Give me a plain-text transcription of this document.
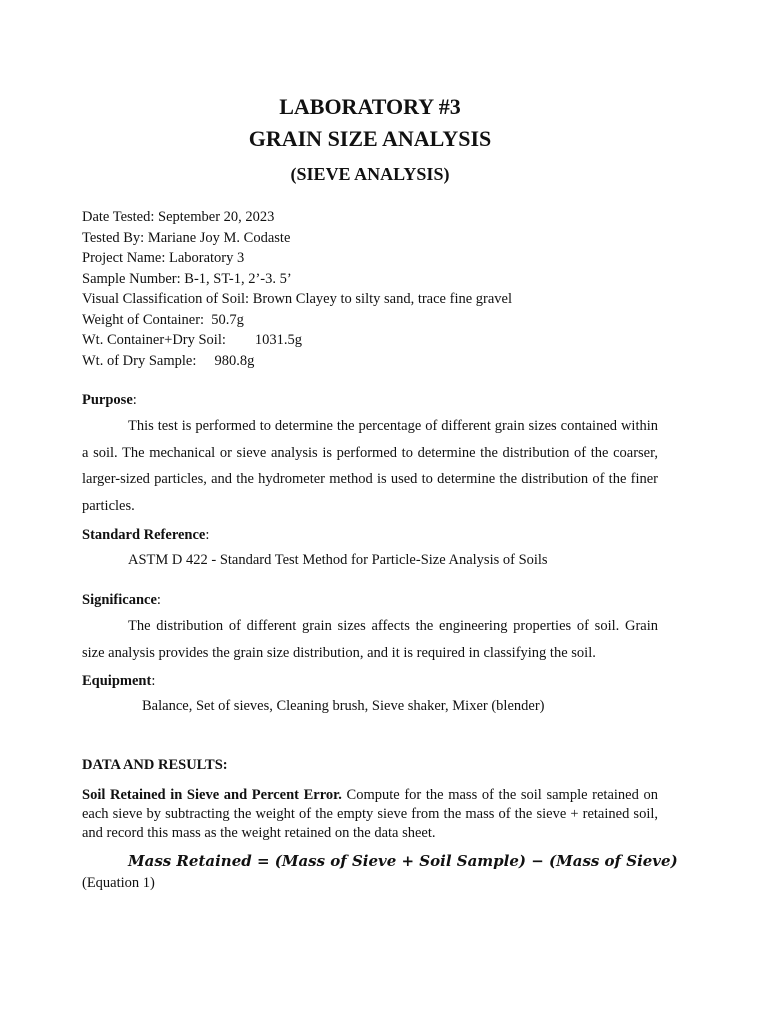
LABORATORY #3
GRAIN SIZE ANALYSIS
(SIEVE ANALYSIS)
Date Tested: September 20, 2023
Tested By: Mariane Joy M. Codaste
Project Name: Laboratory 3
Sample Number: B-1, ST-1, 2’-3. 5’
Visual Classification of Soil: Brown Clayey to silty sand, trace fine gravel
Weight of Container:  50.7g
Wt. Container+Dry Soil:        1031.5g
Wt. of Dry Sample:     980.8g
Purpose:
This test is performed to determine the percentage of different grain sizes contained within a soil. The mechanical or sieve analysis is performed to determine the distribution of the coarser, larger-sized particles, and the hydrometer method is used to determine the distribution of the finer particles.
Standard Reference:
ASTM D 422 - Standard Test Method for Particle-Size Analysis of Soils
Significance:
The distribution of different grain sizes affects the engineering properties of soil. Grain size analysis provides the grain size distribution, and it is required in classifying the soil.
Equipment:
Balance, Set of sieves, Cleaning brush, Sieve shaker, Mixer (blender)
DATA AND RESULTS:
Soil Retained in Sieve and Percent Error. Compute for the mass of the soil sample retained on each sieve by subtracting the weight of the empty sieve from the mass of the sieve + retained soil, and record this mass as the weight retained on the data sheet.
Mass Retained = (Mass of Sieve + Soil Sample) − (Mass of Sieve)
(Equation 1)
